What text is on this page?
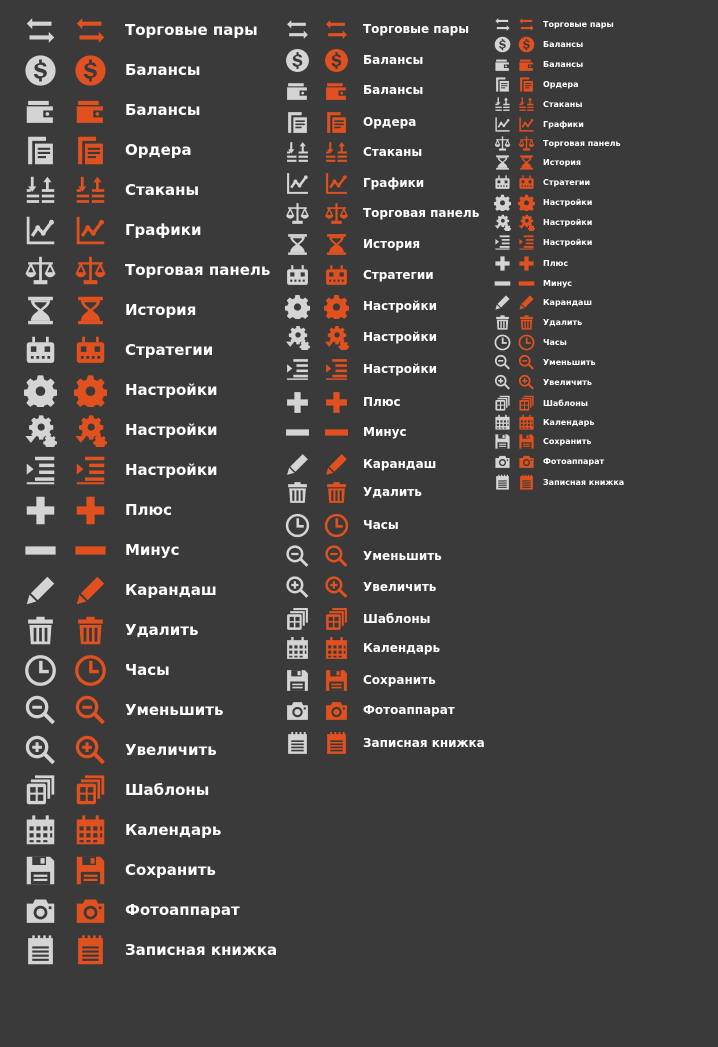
Торговые пары
Балансы
Балансы
Ордера
Стаканы
Графики
Торговая панель
История
Стратегии
Настройки
Настройки
Настройки
Плюс
Минус
Карандаш
Удалить
Часы
Уменьшить
Увеличить
Шаблоны
Календарь
Сохранить
Фотоаппарат
Записная книжка
Торговые пары
Балансы
Балансы
Ордера
Стаканы
Графики
Торговая панель
История
Стратегии
Настройки
Настройки
Настройки
Плюс
Минус
Карандаш
Удалить
Часы
Уменьшить
Увеличить
Шаблоны
Календарь
Сохранить
Фотоаппарат
Записная книжка
Торговые пары
Балансы
Балансы
Ордера
Стаканы
Графики
Торговая панель
История
Стратегии
Настройки
Настройки
Настройки
Плюс
Минус
Карандаш
Удалить
Часы
Уменьшить
Увеличить
Шаблоны
Календарь
Сохранить
Фотоаппарат
Записная книжка
